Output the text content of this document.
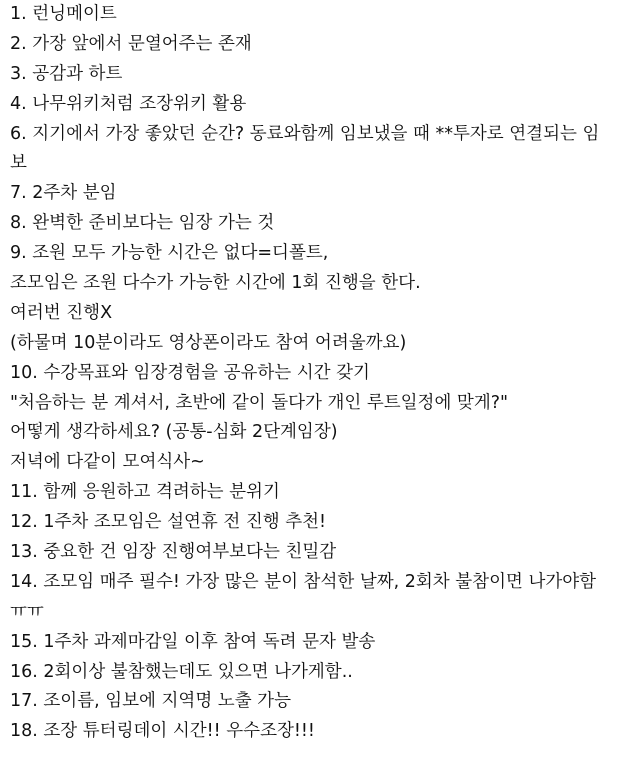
1. 런닝메이트
2. 가장 앞에서 문열어주는 존재
3. 공감과 하트
4. 나무위키처럼 조장위키 활용
6. 지기에서 가장 좋았던 순간? 동료와함께 임보냈을 때 **투자로 연결되는 임
보
7. 2주차 분임
8. 완벽한 준비보다는 임장 가는 것
9. 조원 모두 가능한 시간은 없다=디폴트,
조모임은 조원 다수가 가능한 시간에 1회 진행을 한다.
여러번 진행X
(하물며 10분이라도 영상폰이라도 참여 어려울까요)
10. 수강목표와 임장경험을 공유하는 시간 갖기
"처음하는 분 계셔서, 초반에 같이 돌다가 개인 루트일정에 맞게?"
어떻게 생각하세요? (공통-심화 2단계임장)
저녁에 다같이 모여식사~
11. 함께 응원하고 격려하는 분위기
12. 1주차 조모임은 설연휴 전 진행 추천!
13. 중요한 건 임장 진행여부보다는 친밀감
14. 조모임 매주 필수! 가장 많은 분이 참석한 날짜, 2회차 불참이면 나가야함
ㅠㅠ
15. 1주차 과제마감일 이후 참여 독려 문자 발송
16. 2회이상 불참했는데도 있으면 나가게함..
17. 조이름, 임보에 지역명 노출 가능
18. 조장 튜터링데이 시간!! 우수조장!!!
